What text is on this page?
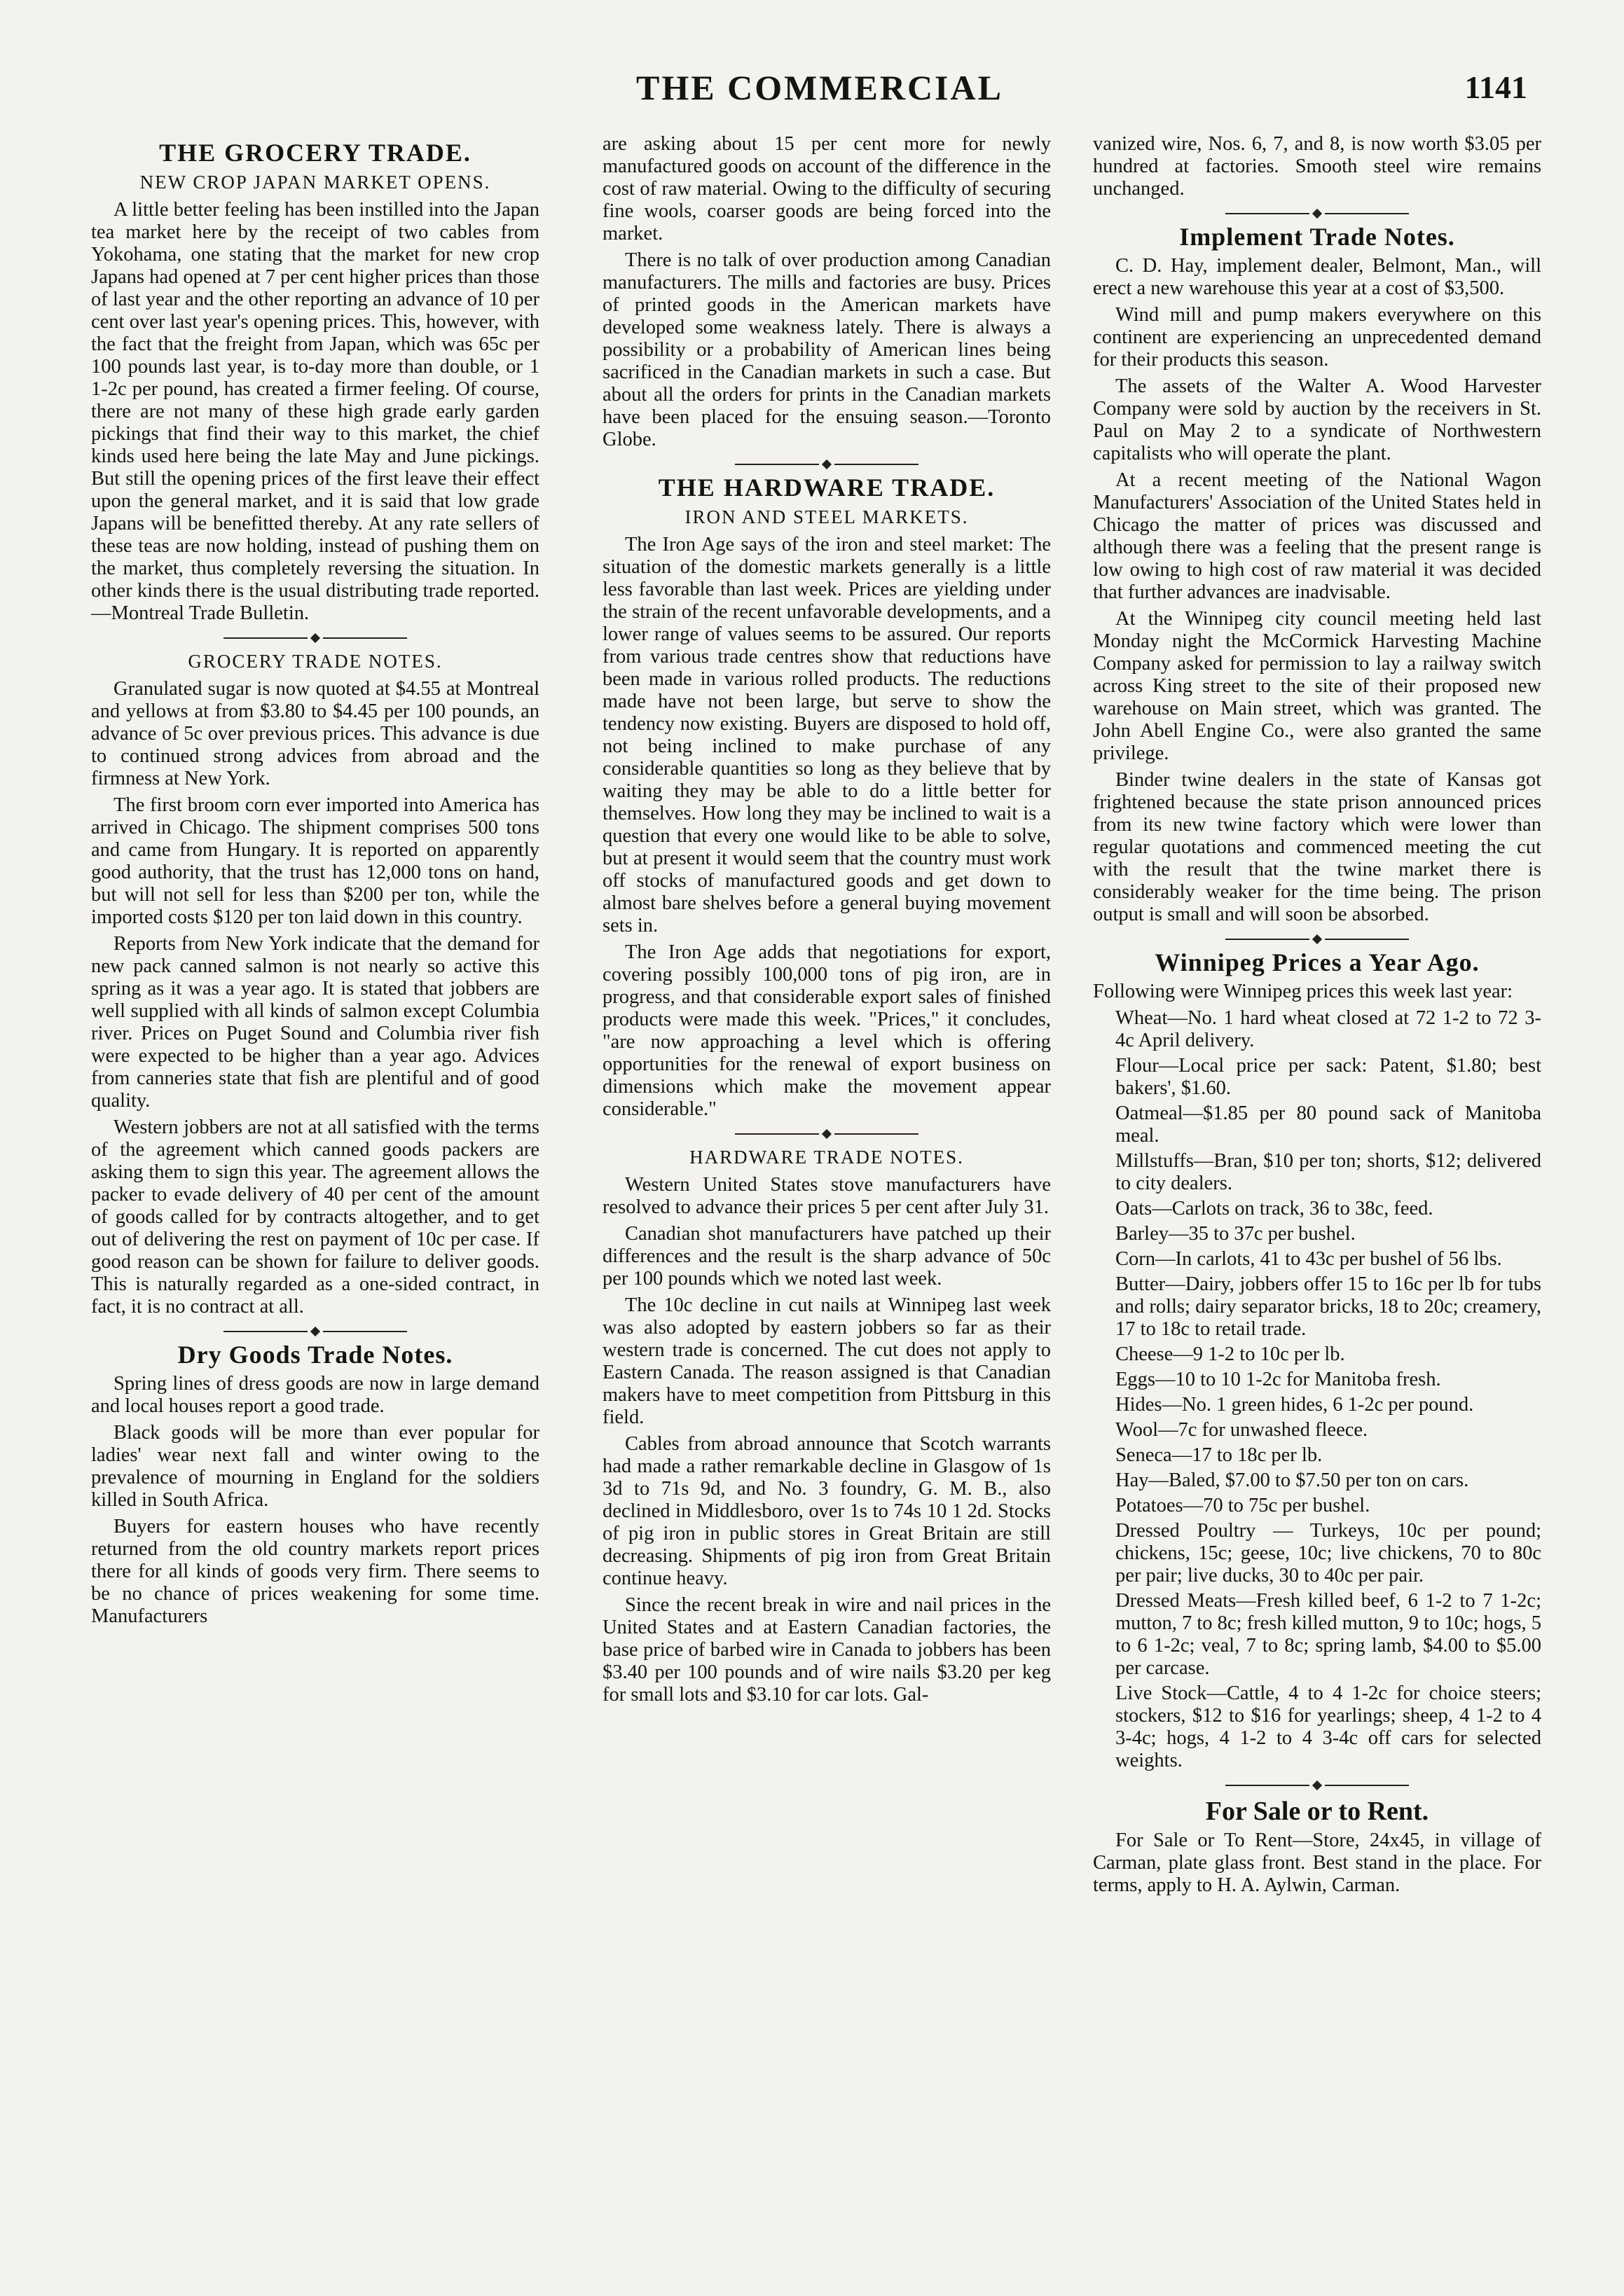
THE COMMERCIAL	1141
THE GROCERY TRADE.
NEW CROP JAPAN MARKET OPENS.

A little better feeling has been instilled into the Japan tea market here by the receipt of two cables from Yokohama, one stating that the market for new crop Japans had opened at 7 per cent higher prices than those of last year and the other reporting an advance of 10 per cent over last year's opening prices. This, however, with the fact that the freight from Japan, which was 65c per 100 pounds last year, is to-day more than double, or 1 1-2c per pound, has created a firmer feeling. Of course, there are not many of these high grade early garden pickings that find their way to this market, the chief kinds used here being the late May and June pickings. But still the opening prices of the first leave their effect upon the general market, and it is said that low grade Japans will be benefitted thereby. At any rate sellers of these teas are now holding, instead of pushing them on the market, thus completely reversing the situation. In other kinds there is the usual distributing trade reported.—Montreal Trade Bulletin.

GROCERY TRADE NOTES.

Granulated sugar is now quoted at $4.55 at Montreal and yellows at from $3.80 to $4.45 per 100 pounds, an advance of 5c over previous prices. This advance is due to continued strong advices from abroad and the firmness at New York.

The first broom corn ever imported into America has arrived in Chicago. The shipment comprises 500 tons and came from Hungary. It is reported on apparently good authority, that the trust has 12,000 tons on hand, but will not sell for less than $200 per ton, while the imported costs $120 per ton laid down in this country.

Reports from New York indicate that the demand for new pack canned salmon is not nearly so active this spring as it was a year ago. It is stated that jobbers are well supplied with all kinds of salmon except Columbia river. Prices on Puget Sound and Columbia river fish were expected to be higher than a year ago. Advices from canneries state that fish are plentiful and of good quality.

Western jobbers are not at all satisfied with the terms of the agreement which canned goods packers are asking them to sign this year. The agreement allows the packer to evade delivery of 40 per cent of the amount of goods called for by contracts altogether, and to get out of delivering the rest on payment of 10c per case. If good reason can be shown for failure to deliver goods. This is naturally regarded as a one-sided contract, in fact, it is no contract at all.

Dry Goods Trade Notes.

Spring lines of dress goods are now in large demand and local houses report a good trade.

Black goods will be more than ever popular for ladies' wear next fall and winter owing to the prevalence of mourning in England for the soldiers killed in South Africa.

Buyers for eastern houses who have recently returned from the old country markets report prices there for all kinds of goods very firm. There seems to be no chance of prices weakening for some time. Manufacturers

are asking about 15 per cent more for newly manufactured goods on account of the difference in the cost of raw material. Owing to the difficulty of securing fine wools, coarser goods are being forced into the market.

There is no talk of over production among Canadian manufacturers. The mills and factories are busy. Prices of printed goods in the American markets have developed some weakness lately. There is always a possibility or a probability of American lines being sacrificed in the Canadian markets in such a case. But about all the orders for prints in the Canadian markets have been placed for the ensuing season.—Toronto Globe.

THE HARDWARE TRADE.
IRON AND STEEL MARKETS.

The Iron Age says of the iron and steel market: The situation of the domestic markets generally is a little less favorable than last week. Prices are yielding under the strain of the recent unfavorable developments, and a lower range of values seems to be assured. Our reports from various trade centres show that reductions have been made in various rolled products. The reductions made have not been large, but serve to show the tendency now existing. Buyers are disposed to hold off, not being inclined to make purchase of any considerable quantities so long as they believe that by waiting they may be able to do a little better for themselves. How long they may be inclined to wait is a question that every one would like to be able to solve, but at present it would seem that the country must work off stocks of manufactured goods and get down to almost bare shelves before a general buying movement sets in.

The Iron Age adds that negotiations for export, covering possibly 100,000 tons of pig iron, are in progress, and that considerable export sales of finished products were made this week. "Prices," it concludes, "are now approaching a level which is offering opportunities for the renewal of export business on dimensions which make the movement appear considerable."

HARDWARE TRADE NOTES.

Western United States stove manufacturers have resolved to advance their prices 5 per cent after July 31.

Canadian shot manufacturers have patched up their differences and the result is the sharp advance of 50c per 100 pounds which we noted last week.

The 10c decline in cut nails at Winnipeg last week was also adopted by eastern jobbers so far as their western trade is concerned. The cut does not apply to Eastern Canada. The reason assigned is that Canadian makers have to meet competition from Pittsburg in this field.

Cables from abroad announce that Scotch warrants had made a rather remarkable decline in Glasgow of 1s 3d to 71s 9d, and No. 3 foundry, G. M. B., also declined in Middlesboro, over 1s to 74s 10 1 2d. Stocks of pig iron in public stores in Great Britain are still decreasing. Shipments of pig iron from Great Britain continue heavy.

Since the recent break in wire and nail prices in the United States and at Eastern Canadian factories, the base price of barbed wire in Canada to jobbers has been $3.40 per 100 pounds and of wire nails $3.20 per keg for small lots and $3.10 for car lots. Gal-

vanized wire, Nos. 6, 7, and 8, is now worth $3.05 per hundred at factories. Smooth steel wire remains unchanged.

Implement Trade Notes.

C. D. Hay, implement dealer, Belmont, Man., will erect a new warehouse this year at a cost of $3,500.

Wind mill and pump makers everywhere on this continent are experiencing an unprecedented demand for their products this season.

The assets of the Walter A. Wood Harvester Company were sold by auction by the receivers in St. Paul on May 2 to a syndicate of Northwestern capitalists who will operate the plant.

At a recent meeting of the National Wagon Manufacturers' Association of the United States held in Chicago the matter of prices was discussed and although there was a feeling that the present range is low owing to high cost of raw material it was decided that further advances are inadvisable.

At the Winnipeg city council meeting held last Monday night the McCormick Harvesting Machine Company asked for permission to lay a railway switch across King street to the site of their proposed new warehouse on Main street, which was granted. The John Abell Engine Co., were also granted the same privilege.

Binder twine dealers in the state of Kansas got frightened because the state prison announced prices from its new twine factory which were lower than regular quotations and commenced meeting the cut with the result that the twine market there is considerably weaker for the time being. The prison output is small and will soon be absorbed.

Winnipeg Prices a Year Ago.

Following were Winnipeg prices this week last year:

Wheat—No. 1 hard wheat closed at 72 1-2 to 72 3-4c April delivery.

Flour—Local price per sack: Patent, $1.80; best bakers', $1.60.

Oatmeal—$1.85 per 80 pound sack of Manitoba meal.

Millstuffs—Bran, $10 per ton; shorts, $12; delivered to city dealers.

Oats—Carlots on track, 36 to 38c, feed.

Barley—35 to 37c per bushel.

Corn—In carlots, 41 to 43c per bushel of 56 lbs.

Butter—Dairy, jobbers offer 15 to 16c per lb for tubs and rolls; dairy separator bricks, 18 to 20c; creamery, 17 to 18c to retail trade.

Cheese—9 1-2 to 10c per lb.

Eggs—10 to 10 1-2c for Manitoba fresh.

Hides—No. 1 green hides, 6 1-2c per pound.

Wool—7c for unwashed fleece.

Seneca—17 to 18c per lb.

Hay—Baled, $7.00 to $7.50 per ton on cars.

Potatoes—70 to 75c per bushel.

Dressed Poultry — Turkeys, 10c per pound; chickens, 15c; geese, 10c; live chickens, 70 to 80c per pair; live ducks, 30 to 40c per pair.

Dressed Meats—Fresh killed beef, 6 1-2 to 7 1-2c; mutton, 7 to 8c; fresh killed mutton, 9 to 10c; hogs, 5 to 6 1-2c; veal, 7 to 8c; spring lamb, $4.00 to $5.00 per carcase.

Live Stock—Cattle, 4 to 4 1-2c for choice steers; stockers, $12 to $16 for yearlings; sheep, 4 1-2 to 4 3-4c; hogs, 4 1-2 to 4 3-4c off cars for selected weights.

For Sale or to Rent.

For Sale or To Rent—Store, 24x45, in village of Carman, plate glass front. Best stand in the place. For terms, apply to H. A. Aylwin, Carman.
